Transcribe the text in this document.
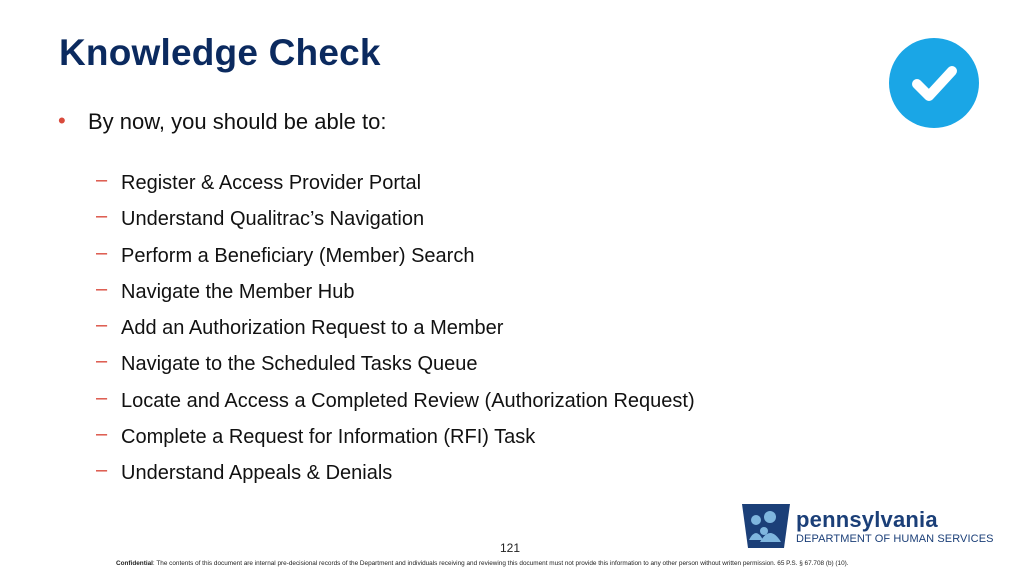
Knowledge Check
•	By now, you should be able to:
– Register & Access Provider Portal
– Understand Qualitrac’s Navigation
– Perform a Beneficiary (Member) Search
– Navigate the Member Hub
– Add an Authorization Request to a Member
– Navigate to the Scheduled Tasks Queue
– Locate and Access a Completed Review (Authorization Request)
– Complete a Request for Information (RFI) Task
– Understand Appeals & Denials
121
pennsylvania
DEPARTMENT OF HUMAN SERVICES
Confidential: The contents of this document are internal pre-decisional records of the Department and individuals receiving and reviewing this document must not provide this information to any other person without written permission. 65 P.S. § 67.708 (b) (10).
